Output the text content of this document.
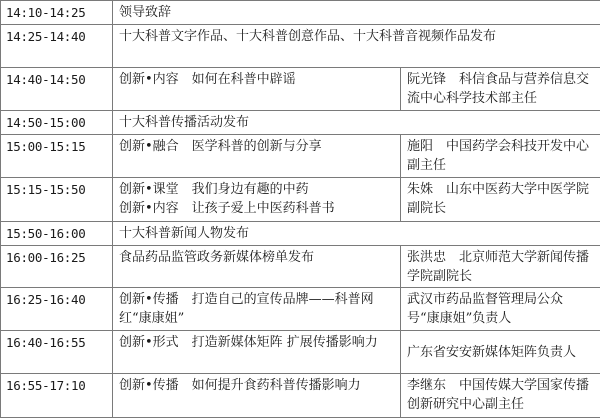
14:10-14:25	领导致辞	

14:25-14:40	十大科普文字作品、十大科普创意作品、十大科普音视频作品发布	

14:40-14:50	创新•内容　如何在科普中辟谣	阮光锋　科信食品与营养信息交流中心科学技术部主任
14:50-15:00	十大科普传播活动发布	

15:00-15:15	创新•融合　医学科普的创新与分享	施阳　中国药学会科技开发中心副主任
15:15-15:50	创新•课堂　我们身边有趣的中药
创新•内容　让孩子爱上中医药科普书	朱姝　山东中医药大学中医学院副院长
15:50-16:00	十大科普新闻人物发布	

16:00-16:25	食品药品监管政务新媒体榜单发布	张洪忠　北京师范大学新闻传播学院副院长
16:25-16:40	创新•传播　打造自己的宣传品牌——科普网红“康康姐”	武汉市药品监督管理局公众号“康康姐”负责人
16:40-16:55	创新•形式　打造新媒体矩阵 扩展传播影响力	广东省安安新媒体矩阵负责人
16:55-17:10	创新•传播　如何提升食药科普传播影响力	李继东　中国传媒大学国家传播创新研究中心副主任
